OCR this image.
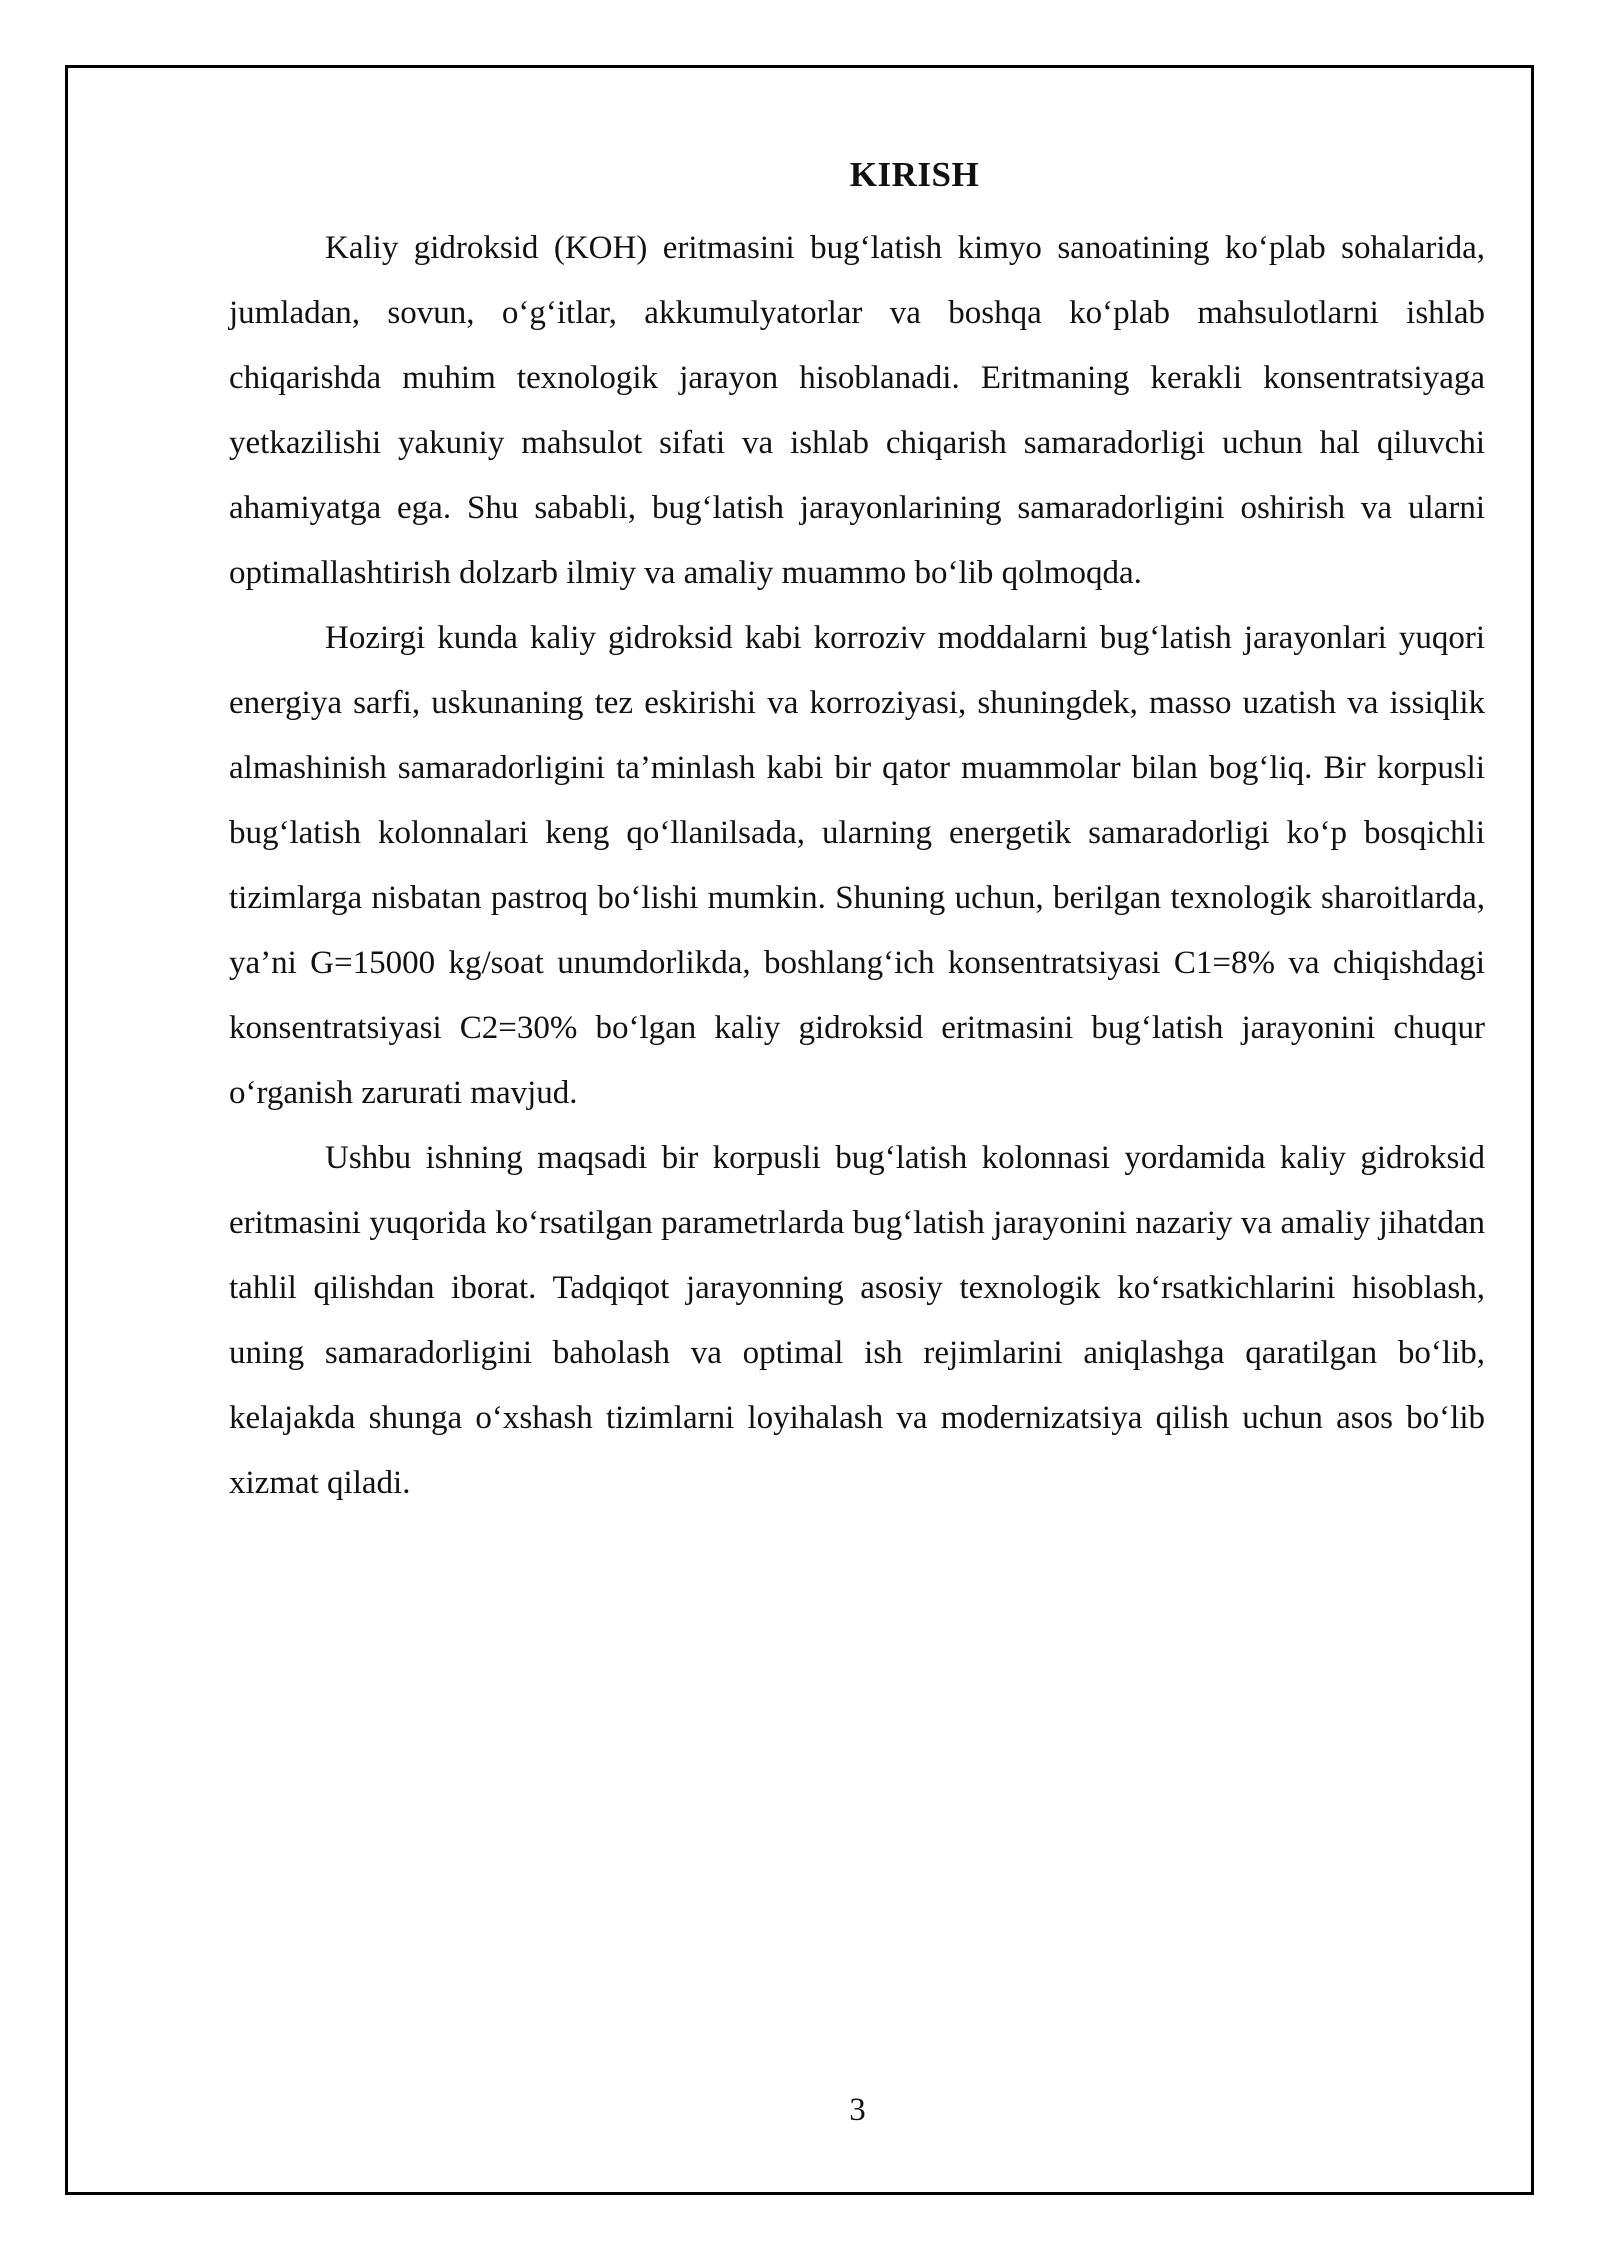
KIRISH

Kaliy gidroksid (KOH) eritmasini bug‘latish kimyo sanoatining ko‘plab sohalarida, jumladan, sovun, o‘g‘itlar, akkumulyatorlar va boshqa ko‘plab mahsulotlarni ishlab chiqarishda muhim texnologik jarayon hisoblanadi. Eritmaning kerakli konsentratsiyaga yetkazilishi yakuniy mahsulot sifati va ishlab chiqarish samaradorligi uchun hal qiluvchi ahamiyatga ega. Shu sababli, bug‘latish jarayonlarining samaradorligini oshirish va ularni optimallashtirish dolzarb ilmiy va amaliy muammo bo‘lib qolmoqda.

Hozirgi kunda kaliy gidroksid kabi korroziv moddalarni bug‘latish jarayonlari yuqori energiya sarfi, uskunaning tez eskirishi va korroziyasi, shuningdek, masso uzatish va issiqlik almashinish samaradorligini ta’minlash kabi bir qator muammolar bilan bog‘liq. Bir korpusli bug‘latish kolonnalari keng qo‘llanilsada, ularning energetik samaradorligi ko‘p bosqichli tizimlarga nisbatan pastroq bo‘lishi mumkin. Shuning uchun, berilgan texnologik sharoitlarda, ya’ni G=15000 kg/soat unumdorlikda, boshlang‘ich konsentratsiyasi C1=8% va chiqishdagi konsentratsiyasi C2=30% bo‘lgan kaliy gidroksid eritmasini bug‘latish jarayonini chuqur o‘rganish zarurati mavjud.

Ushbu ishning maqsadi bir korpusli bug‘latish kolonnasi yordamida kaliy gidroksid eritmasini yuqorida ko‘rsatilgan parametrlarda bug‘latish jarayonini nazariy va amaliy jihatdan tahlil qilishdan iborat. Tadqiqot jarayonning asosiy texnologik ko‘rsatkichlarini hisoblash, uning samaradorligini baholash va optimal ish rejimlarini aniqlashga qaratilgan bo‘lib, kelajakda shunga o‘xshash tizimlarni loyihalash va modernizatsiya qilish uchun asos bo‘lib xizmat qiladi.

3
